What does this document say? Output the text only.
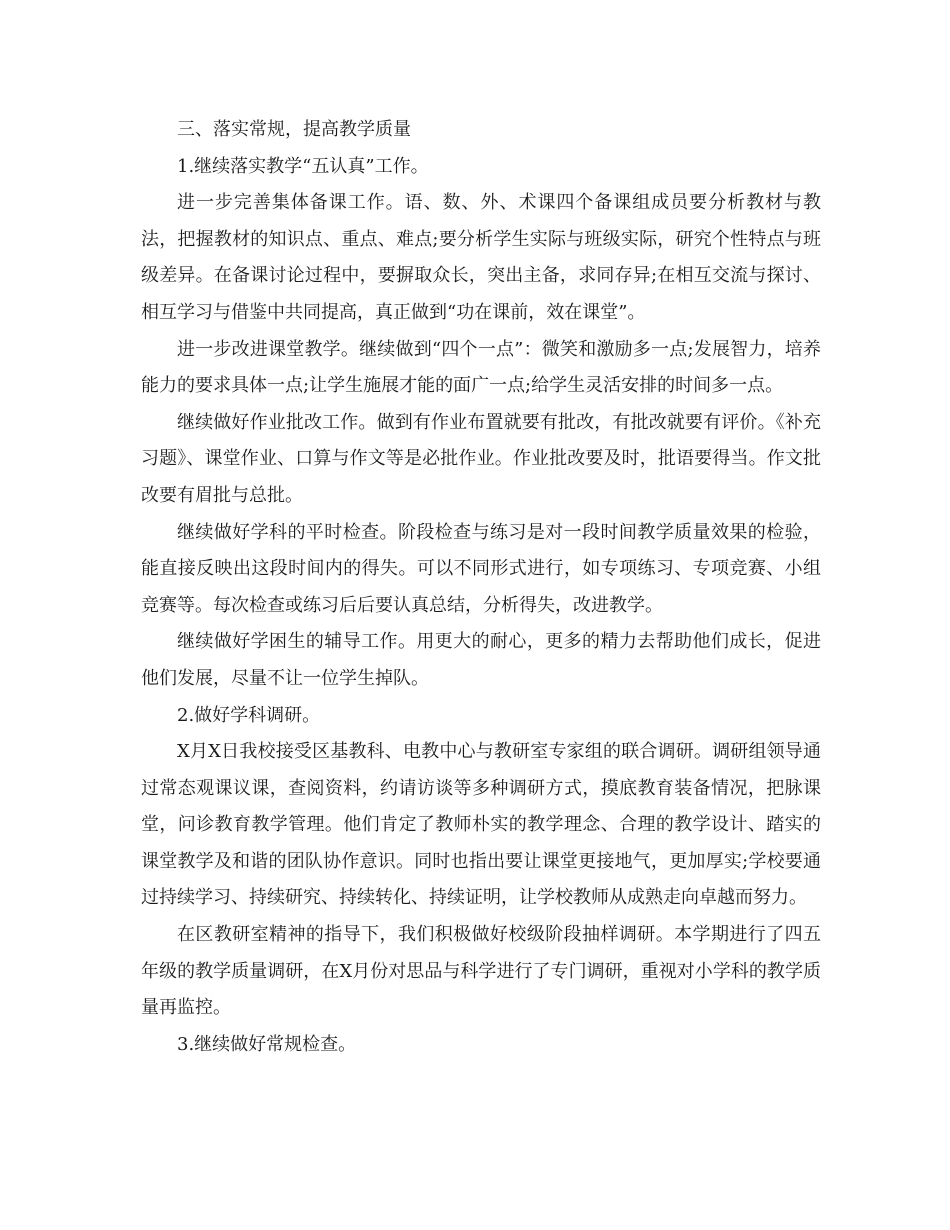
三、落实常规，提高教学质量

1.继续落实教学“五认真”工作。

进一步完善集体备课工作。语、数、外、术课四个备课组成员要分析教材与教法，把握教材的知识点、重点、难点;要分析学生实际与班级实际，研究个性特点与班级差异。在备课讨论过程中，要摒取众长，突出主备，求同存异;在相互交流与探讨、相互学习与借鉴中共同提高，真正做到“功在课前，效在课堂”。

进一步改进课堂教学。继续做到“四个一点”：微笑和激励多一点;发展智力，培养能力的要求具体一点;让学生施展才能的面广一点;给学生灵活安排的时间多一点。

继续做好作业批改工作。做到有作业布置就要有批改，有批改就要有评价。《补充习题》、课堂作业、口算与作文等是必批作业。作业批改要及时，批语要得当。作文批改要有眉批与总批。

继续做好学科的平时检查。阶段检查与练习是对一段时间教学质量效果的检验，能直接反映出这段时间内的得失。可以不同形式进行，如专项练习、专项竞赛、小组竞赛等。每次检查或练习后后要认真总结，分析得失，改进教学。

继续做好学困生的辅导工作。用更大的耐心，更多的精力去帮助他们成长，促进他们发展，尽量不让一位学生掉队。

2.做好学科调研。

X月X日我校接受区基教科、电教中心与教研室专家组的联合调研。调研组领导通过常态观课议课，查阅资料，约请访谈等多种调研方式，摸底教育装备情况，把脉课堂，问诊教育教学管理。他们肯定了教师朴实的教学理念、合理的教学设计、踏实的课堂教学及和谐的团队协作意识。同时也指出要让课堂更接地气，更加厚实;学校要通过持续学习、持续研究、持续转化、持续证明，让学校教师从成熟走向卓越而努力。

在区教研室精神的指导下，我们积极做好校级阶段抽样调研。本学期进行了四五年级的教学质量调研，在X月份对思品与科学进行了专门调研，重视对小学科的教学质量再监控。

3.继续做好常规检查。
